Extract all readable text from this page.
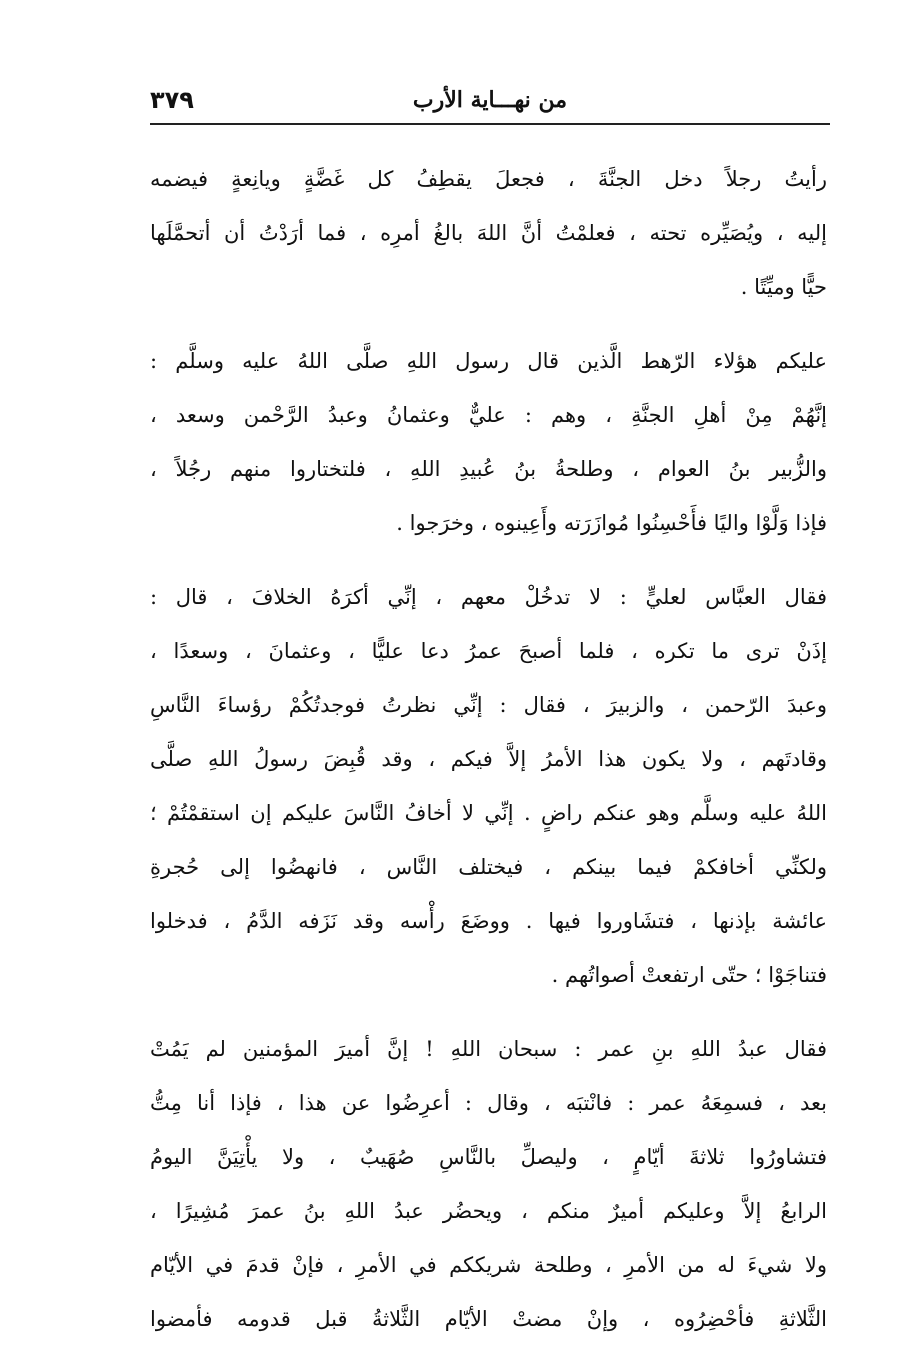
٣٧٩	من نهـــاية الأرب
رأيتُ رجلاً دخل الجنَّةَ ، فجعلَ يقطِفُ كل غَضَّةٍ ويانِعةٍ فيضمه
إليه ، ويُصَيِّره تحته ، فعلمْتُ أنَّ اللهَ بالغُ أمرِه ، فما أرَدْتُ أن أتحمَّلَها
حيًّا وميِّتًا .
عليكم هؤلاء الرّهط الَّذين قال رسول اللهِ صلَّى اللهُ عليه وسلَّم :
إنَّهُمْ مِنْ أهلِ الجنَّةِ ، وهم : عليٌّ وعثمانُ وعبدُ الرَّحْمن وسعد ،
والزُّبير بنُ العوام ، وطلحةُ بنُ عُبيدِ اللهِ ، فلتختاروا منهم رجُلاً ،
فإذا وَلَّوْا واليًا فأَحْسِنُوا مُوازَرَته وأَعِينوه ، وخرَجوا .
فقال العبَّاس لعليٍّ : لا تدخُلْ معهم ، إنِّي أكرَهُ الخلافَ ، قال :
إذَنْ ترى ما تكره ، فلما أصبحَ عمرُ دعا عليًّا ، وعثمانَ ، وسعدًا ،
وعبدَ الرّحمن ، والزبيرَ ، فقال : إنِّي نظرتُ فوجدتُكُمْ رؤساءَ النَّاسِ
وقادتَهم ، ولا يكون هذا الأمرُ إلاَّ فيكم ، وقد قُبِضَ رسولُ اللهِ صلَّى
اللهُ عليه وسلَّم وهو عنكم راضٍ . إنِّي لا أخافُ النَّاسَ عليكم إن استقمْتُمْ ؛
ولكنِّي أخافكمْ فيما بينكم ، فيختلف النَّاس ، فانهضُوا إلى حُجرةِ
عائشة بإذنها ، فتشَاوروا فيها . ووضَعَ رأْسه وقد نَزَفه الدَّمُ ، فدخلوا
فتناجَوْا ؛ حتّى ارتفعتْ أصواتُهم .
فقال عبدُ اللهِ بنِ عمر : سبحان اللهِ ! إنَّ أميرَ المؤمنين لم يَمُتْ
بعد ، فسمِعَهُ عمر : فانْتبَه ، وقال : أعرِضُوا عن هذا ، فإذا أنا مِتُّ
فتشاورُوا ثلاثةَ أيّامٍ ، وليصلِّ بالنَّاسِ صُهَيبٌ ، ولا يأْتِيَنَّ اليومُ
الرابعُ إلاَّ وعليكم أميرٌ منكم ، ويحضُر عبدُ اللهِ بنُ عمرَ مُشِيرًا ،
ولا شيءَ له من الأمرِ ، وطلحة شريككم في الأمرِ ، فإنْ قدمَ في الأيّام
الثَّلاثةِ فأحْضِرُوه ، وإنْ مضتْ الأيّام الثَّلاثةُ قبل قدومه فأمضوا
